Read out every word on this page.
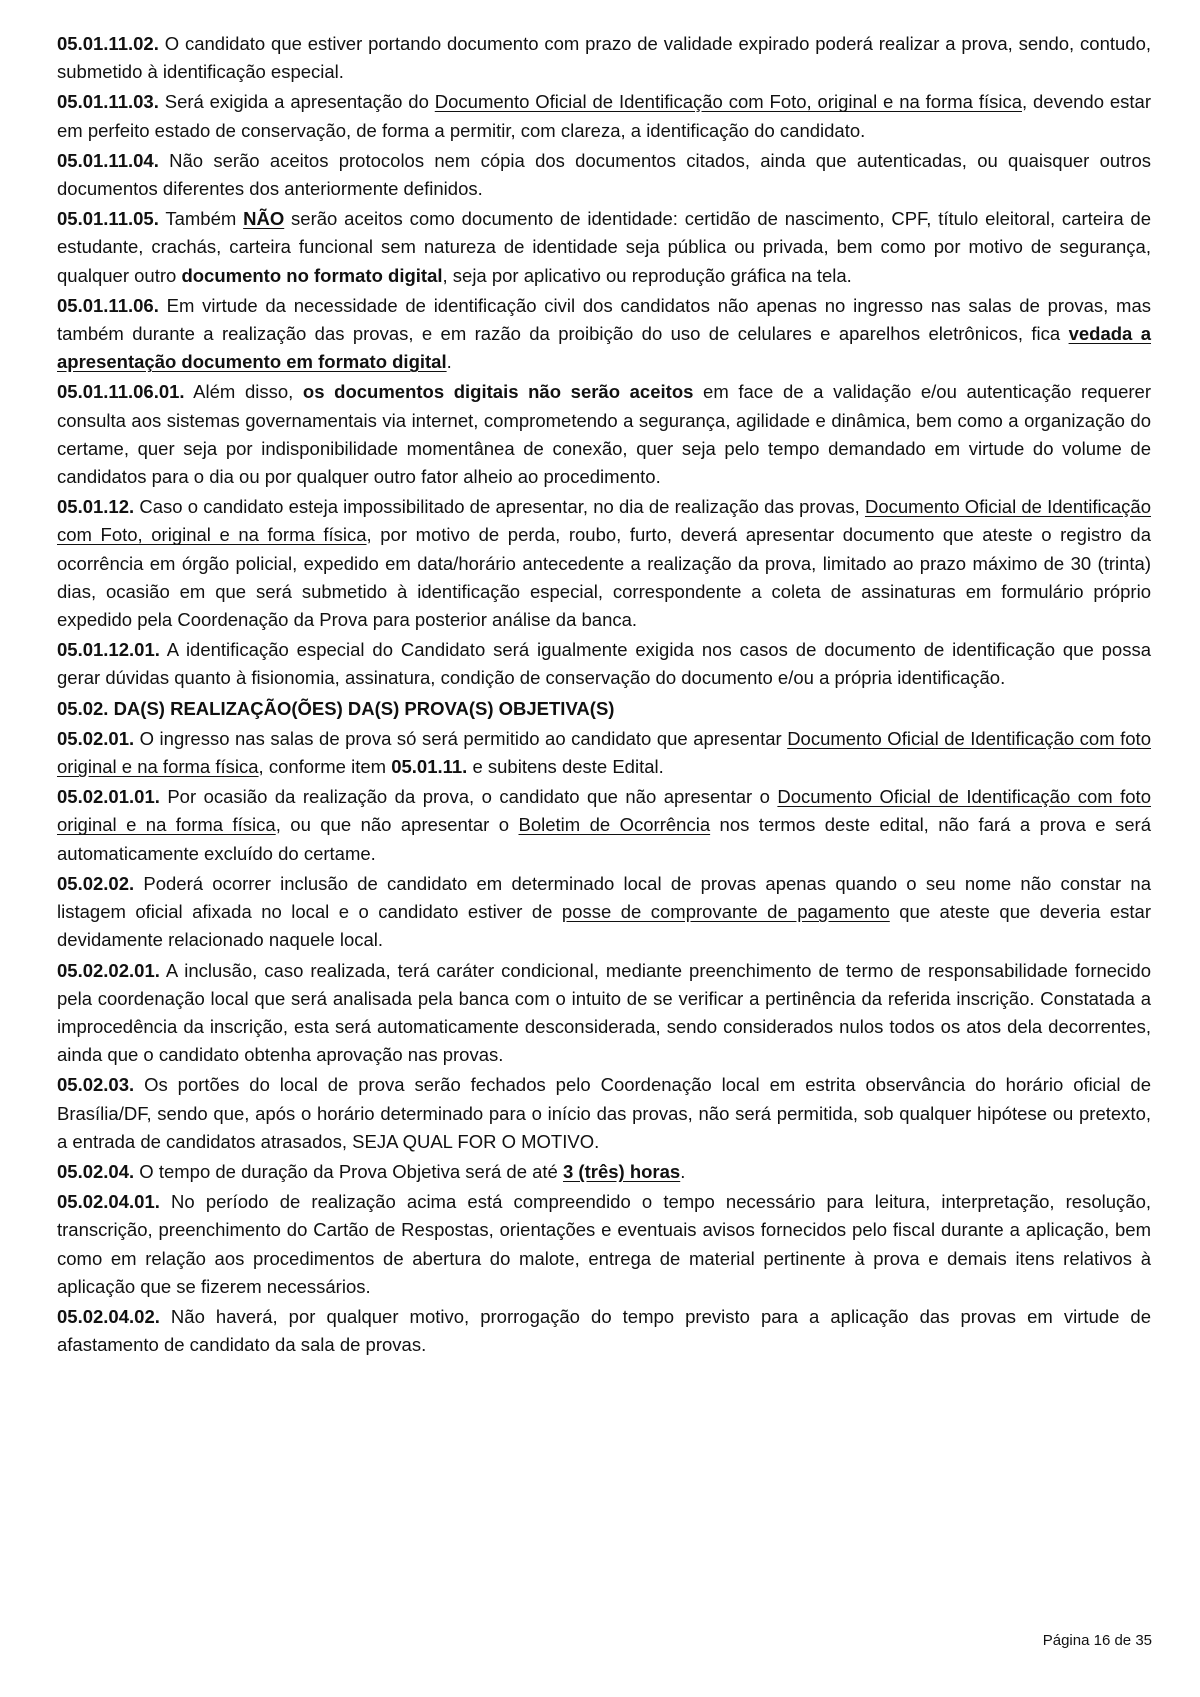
05.01.11.02. O candidato que estiver portando documento com prazo de validade expirado poderá realizar a prova, sendo, contudo, submetido à identificação especial.
05.01.11.03. Será exigida a apresentação do Documento Oficial de Identificação com Foto, original e na forma física, devendo estar em perfeito estado de conservação, de forma a permitir, com clareza, a identificação do candidato.
05.01.11.04. Não serão aceitos protocolos nem cópia dos documentos citados, ainda que autenticadas, ou quaisquer outros documentos diferentes dos anteriormente definidos.
05.01.11.05. Também NÃO serão aceitos como documento de identidade: certidão de nascimento, CPF, título eleitoral, carteira de estudante, crachás, carteira funcional sem natureza de identidade seja pública ou privada, bem como por motivo de segurança, qualquer outro documento no formato digital, seja por aplicativo ou reprodução gráfica na tela.
05.01.11.06. Em virtude da necessidade de identificação civil dos candidatos não apenas no ingresso nas salas de provas, mas também durante a realização das provas, e em razão da proibição do uso de celulares e aparelhos eletrônicos, fica vedada a apresentação documento em formato digital.
05.01.11.06.01. Além disso, os documentos digitais não serão aceitos em face de a validação e/ou autenticação requerer consulta aos sistemas governamentais via internet, comprometendo a segurança, agilidade e dinâmica, bem como a organização do certame, quer seja por indisponibilidade momentânea de conexão, quer seja pelo tempo demandado em virtude do volume de candidatos para o dia ou por qualquer outro fator alheio ao procedimento.
05.01.12. Caso o candidato esteja impossibilitado de apresentar, no dia de realização das provas, Documento Oficial de Identificação com Foto, original e na forma física, por motivo de perda, roubo, furto, deverá apresentar documento que ateste o registro da ocorrência em órgão policial, expedido em data/horário antecedente a realização da prova, limitado ao prazo máximo de 30 (trinta) dias, ocasião em que será submetido à identificação especial, correspondente a coleta de assinaturas em formulário próprio expedido pela Coordenação da Prova para posterior análise da banca.
05.01.12.01. A identificação especial do Candidato será igualmente exigida nos casos de documento de identificação que possa gerar dúvidas quanto à fisionomia, assinatura, condição de conservação do documento e/ou a própria identificação.
05.02. DA(S) REALIZAÇÃO(ÕES) DA(S) PROVA(S) OBJETIVA(S)
05.02.01. O ingresso nas salas de prova só será permitido ao candidato que apresentar Documento Oficial de Identificação com foto original e na forma física, conforme item 05.01.11. e subitens deste Edital.
05.02.01.01. Por ocasião da realização da prova, o candidato que não apresentar o Documento Oficial de Identificação com foto original e na forma física, ou que não apresentar o Boletim de Ocorrência nos termos deste edital, não fará a prova e será automaticamente excluído do certame.
05.02.02. Poderá ocorrer inclusão de candidato em determinado local de provas apenas quando o seu nome não constar na listagem oficial afixada no local e o candidato estiver de posse de comprovante de pagamento que ateste que deveria estar devidamente relacionado naquele local.
05.02.02.01. A inclusão, caso realizada, terá caráter condicional, mediante preenchimento de termo de responsabilidade fornecido pela coordenação local que será analisada pela banca com o intuito de se verificar a pertinência da referida inscrição. Constatada a improcedência da inscrição, esta será automaticamente desconsiderada, sendo considerados nulos todos os atos dela decorrentes, ainda que o candidato obtenha aprovação nas provas.
05.02.03. Os portões do local de prova serão fechados pelo Coordenação local em estrita observância do horário oficial de Brasília/DF, sendo que, após o horário determinado para o início das provas, não será permitida, sob qualquer hipótese ou pretexto, a entrada de candidatos atrasados, SEJA QUAL FOR O MOTIVO.
05.02.04. O tempo de duração da Prova Objetiva será de até 3 (três) horas.
05.02.04.01. No período de realização acima está compreendido o tempo necessário para leitura, interpretação, resolução, transcrição, preenchimento do Cartão de Respostas, orientações e eventuais avisos fornecidos pelo fiscal durante a aplicação, bem como em relação aos procedimentos de abertura do malote, entrega de material pertinente à prova e demais itens relativos à aplicação que se fizerem necessários.
05.02.04.02. Não haverá, por qualquer motivo, prorrogação do tempo previsto para a aplicação das provas em virtude de afastamento de candidato da sala de provas.
Página 16 de 35
